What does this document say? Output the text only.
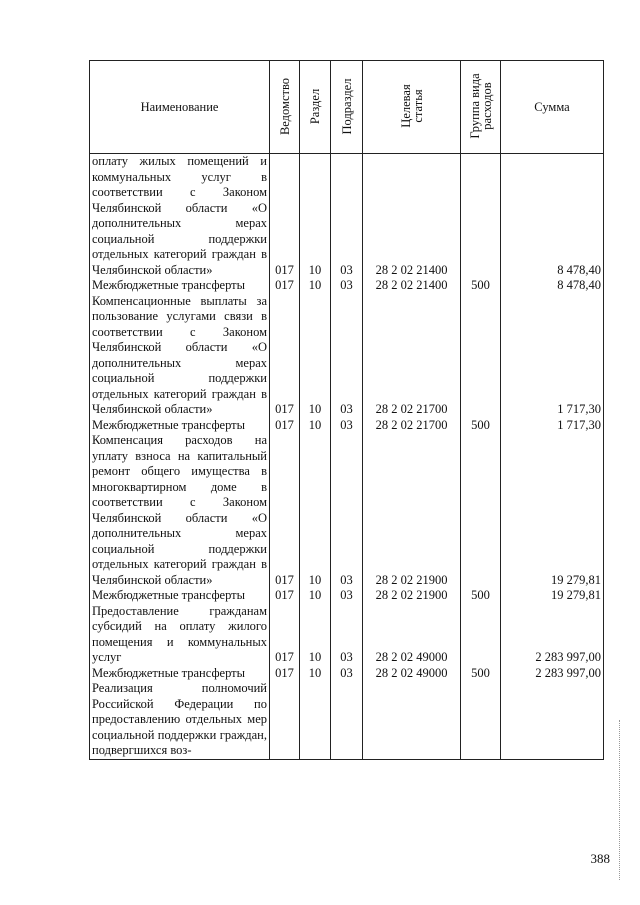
Наименование	Ведомство	Раздел	Подраздел	Целевая статья	Группа вида расходов	Сумма
оплату жилых помещений и коммунальных услуг в соответствии с Законом Челябинской области «О дополнительных мерах социальной поддержки отдельных категорий граждан в Челябинской области»	017	10	03	28 2 02 21400		8 478,40
Межбюджетные трансферты	017	10	03	28 2 02 21400	500	8 478,40
Компенсационные выплаты за пользование услугами связи в соответствии с Законом Челябинской области «О дополнительных мерах социальной поддержки отдельных категорий граждан в Челябинской области»	017	10	03	28 2 02 21700		1 717,30
Межбюджетные трансферты	017	10	03	28 2 02 21700	500	1 717,30
Компенсация расходов на уплату взноса на капитальный ремонт общего имущества в многоквартирном доме в соответствии с Законом Челябинской области «О дополнительных мерах социальной поддержки отдельных категорий граждан в Челябинской области»	017	10	03	28 2 02 21900		19 279,81
Межбюджетные трансферты	017	10	03	28 2 02 21900	500	19 279,81
Предоставление гражданам субсидий на оплату жилого помещения и коммунальных услуг	017	10	03	28 2 02 49000		2 283 997,00
Межбюджетные трансферты	017	10	03	28 2 02 49000	500	2 283 997,00
Реализация полномочий Российской Федерации по предоставлению отдельных мер социальной поддержки граждан, подвергшихся воз-						
388
